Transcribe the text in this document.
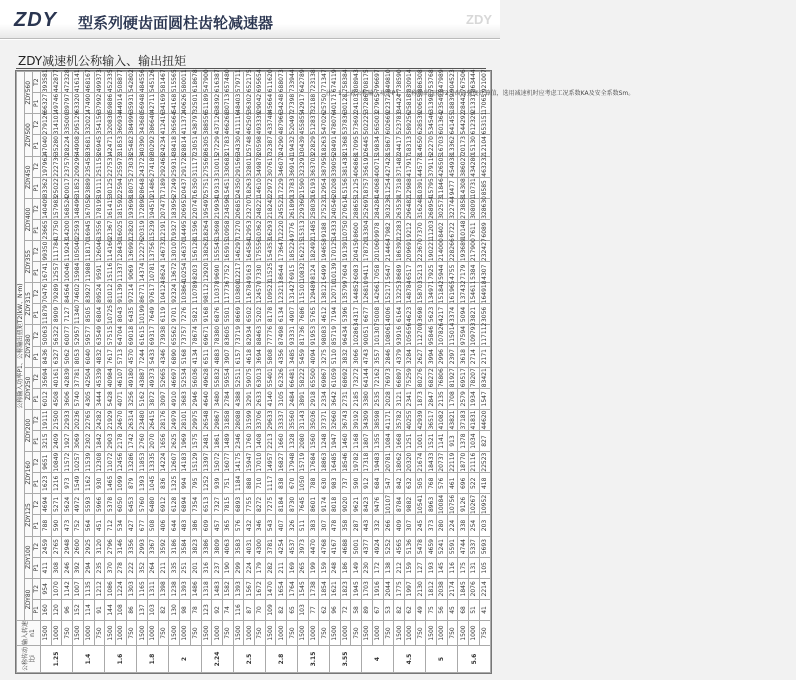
ZDY 型系列硬齿面圆柱齿轮减速器	ZDY
ZDY减速机公称输入、输出扭矩
公称传动比i	输入转速n1	公称输入功率P1、公称输出扭矩T2(kW、N·m)																									
		ZDY80		ZDY100		ZDY125		ZDY160		ZDY200		ZDY250		ZDY280		ZDY315		ZDY355		ZDY400		ZDY450		ZDY500		ZDY560	
		P1	T2	P1	T2	P1	T2	P1	T2	P1	T2	P1	T2	P1	T2	P1	T2	P1	T2	P1	T2	P1	T2	P1	T2	P1	T2
1.25	1500	160	954	411	2459	788	4694	1623	9651	3215	19111	6012	35694	8436	50063	11879	70476	16741	99350	23665	140409	33362	197962	47040	279126	66327	393581
	1000	120	1070	308	2765	590	5271	1216	10849	2409	21500	4508	40161	6327	56322	8909	79289	12557	111784	17750	157983	25022	222736	35280	314101	49746	442877
	750	96	1142	246	2948	473	5624	973	11572	1927	22933	3606	42839	5062	60077	7127	84564	10046	119243	14200	168524	20017	237570	28224	335000	39797	472328
1.4	1500	152	1007	392	2600	752	4972	1549	10257	3069	20236	5740	37781	8053	52957	11340	74602	15984	105040	22593	148496	31852	209296	44908	295129	63320	416141
	1000	114	1135	294	2925	564	5593	1162	11539	2302	22765	4305	42504	6040	59577	8505	83927	11988	118170	16945	167058	23889	235458	33681	332021	47490	468167
	750	91	1212	235	3120	451	5966	930	12308	1842	24282	3444	45339	4832	63549	6804	89524	9591	126046	13556	178195	19111	251158	26945	354156	37992	499373
1.6	1500	144	1086	370	2796	712	5378	1465	11072	2903	21929	5428	40984	7617	57515	10725	81012	15116	114160	21367	161415	30125	227531	42471	320830	59886	452335
	1000	108	1224	278	3146	534	6050	1099	12456	2178	24670	4071	46107	5713	64704	8043	91139	11337	128430	16025	181592	22594	255973	31853	360934	44914	508877
	750	86	1303	222	3356	427	6453	879	13286	1742	26314	3256	49180	4570	69018	6435	97214	9069	136992	12820	193698	18075	273038	25482	384996	35931	542802
1.8	1500	137	1165	352	2993	677	5760	1393	11853	2760	23480	5162	43887	7244	61615	10199	86771	14374	122276	20319	172898	28648	243723	40390	343680	56948	484556
	1000	103	1311	264	3367	508	6480	1045	13335	2070	26415	3872	49373	5433	69317	7649	97617	10781	137561	15239	194510	21486	274189	30292	386640	42711	545126
	750	82	1398	211	3592	406	6912	836	14224	1656	28176	3097	52665	4346	73938	6119	104124	8624	146732	12191	207477	17189	292468	24234	412416	34169	581467
2	1500	130	1238	335	3186	644	6128	1325	12607	2625	24979	4910	46697	6890	65562	9701	92324	13672	130107	19327	183956	27249	259314	38418	365664	54168	515565
	1000	98	1393	251	3584	483	6894	994	14183	1969	28101	3683	52534	5168	73757	7276	103864	10254	146370	14495	206951	20437	291728	28814	411372	40626	580011
	750	78	1486	201	3823	386	7354	795	15129	1575	29975	2946	56036	4134	78674	5821	110789	8203	156128	11596	220747	16350	311177	23051	438797	32501	618678
2.24	1500	123	1318	316	3386	609	6513	1252	13397	2481	26548	4640	49628	6511	69671	9168	98112	12920	138262	18264	195497	25751	275569	36305	388556	51189	547900
	1000	92	1483	237	3809	457	7327	939	15072	1861	29867	3480	55832	4883	78380	6876	110378	9690	155545	13698	219934	19313	310015	27229	437126	38392	616387
	750	74	1582	190	4063	365	7815	751	16077	1489	31858	2784	59554	3907	83605	5501	117736	7752	165915	10958	234596	15451	330683	21783	466268	30713	657480
2.5	1500	116	1393	299	3583	576	6893	1184	14175	2346	28088	4388	52511	6157	73719	8669	103808	12217	146297	17270	206851	24350	291566	34330	411116	48403	579711
	1000	87	1567	224	4031	432	7755	888	15947	1760	31599	3291	59075	4618	82934	6502	116784	9163	164584	12953	232707	18263	328011	25748	462505	36302	652175
	750	70	1672	179	4300	346	8272	710	17010	1408	33706	2633	63013	3694	88463	5202	124570	7330	175556	10362	248221	14610	349878	20598	493339	29042	695654
2.8	1500	109	1470	282	3781	543	7275	1117	14957	2213	29633	4140	55401	5808	77776	8178	109523	11525	154353	16293	218242	22972	307617	32387	433748	45664	611620
	1000	82	1654	211	4254	407	8184	838	16827	1660	33337	3105	62326	4356	87498	6134	123213	8644	173647	12220	245522	17229	346070	24290	487966	34248	688073
	750	65	1764	169	4537	326	8730	670	17948	1328	35560	2484	66481	3485	93331	4907	131427	6915	185224	9776	261890	13783	369141	19432	520497	27398	733944
3.15	1500	103	1545	265	3973	511	7645	1050	15719	2080	31143	3891	58222	5459	81736	7686	115101	10832	162215	15313	229360	21590	323291	30439	455855	42917	642789
	1000	77	1738	199	4470	383	8601	788	17684	1560	35036	2918	65500	4094	91953	5765	129489	8124	182492	11485	258030	16193	363703	22829	512837	32188	723138
	750	62	1854	159	4768	307	9174	630	18863	1248	37371	2334	69867	3275	98083	4612	138121	6499	194658	9188	275232	12954	387950	18263	547026	25750	771347
3.55	1500	96	1621	248	4167	478	8018	983	16485	1947	32660	3642	61059	5110	85719	7194	120710	10139	170125	14333	240546	20208	339056	28491	478076	40171	674119
	1000	72	1823	186	4688	358	9020	737	18546	1460	36743	2731	68692	3832	96434	5396	135799	7604	191391	10750	270614	15156	381438	21368	537836	30128	758384
	750	58	1945	149	5001	287	9621	590	19782	1168	39192	2185	73272	3066	102863	4317	144852	6083	204150	8600	288655	12125	406868	17095	573692	24103	808943
4	1500	89	1703	230	4377	443	8423	912	17318	1807	34309	3380	64144	4743	90051	6677	126810	9411	178720	13304	252697	18757	356191	26445	502225	37286	708175
	1000	67	1916	172	4924	332	9476	684	19483	1355	38598	2535	72162	3557	101307	5008	142661	7058	201060	9978	284284	14068	400715	19834	565003	27965	796697
	750	53	2044	138	5252	266	10107	547	20781	1084	41171	2028	76973	2846	108061	4006	152171	5647	214464	7982	303236	11254	427428	15867	602669	22372	849810
4.5	1500	82	1775	212	4565	409	8784	842	18062	1668	35782	3121	66897	4379	93916	6164	132253	8689	186392	12283	263539	17318	371482	24417	523783	34424	738590
	1000	62	1997	159	5136	307	9882	632	20320	1251	40255	2341	75259	3284	105656	4623	148784	6517	209691	9212	296482	12988	417917	18313	589256	25818	830914
	750	49	2130	127	5478	245	10541	505	21674	1001	42939	1873	80276	2627	112700	3698	158703	5213	223670	7370	316248	10391	445778	14650	628539	20655	886308
5	1500	75	1812	193	4659	373	8963	768	18433	1521	36517	2847	68272	3994	95846	5623	134971	7925	190221	11203	268954	15795	379116	22270	534546	31398	753768
	1000	56	2038	145	5241	280	10084	576	20737	1141	41082	2135	76806	2996	107826	4217	151842	5944	214000	8402	302573	11846	426505	16703	601364	23549	847989
	750	45	2174	116	5591	224	10756	461	22119	913	43821	1708	81927	2397	115014	3374	161965	4755	228266	6722	322744	9477	454938	13362	641455	18839	904523
5.6	1500	68	1845	175	4744	338	9126	696	18770	1378	37183	2579	69517	3618	97594	5094	137432	7179	193689	10148	273858	14308	386027	20173	544292	28442	767506
	1000	51	2076	131	5337	254	10267	522	21116	1034	41831	1934	78207	2714	109793	3821	154611	5384	217900	7611	308091	10731	434280	15130	612329	21331	863444
	750	41	2214	105	5693	203	10952	418	22523	827	44620	1547	83421	2171	117112	3056	164918	4307	232427	6089	328630	8585	463232	12104	653151	17065	921007
注：1.上表公称输入功率P1、公称输出扭矩T2为齿面强度计算值，选用减速机时应考虑工况系数KA及安全系数Sm。
